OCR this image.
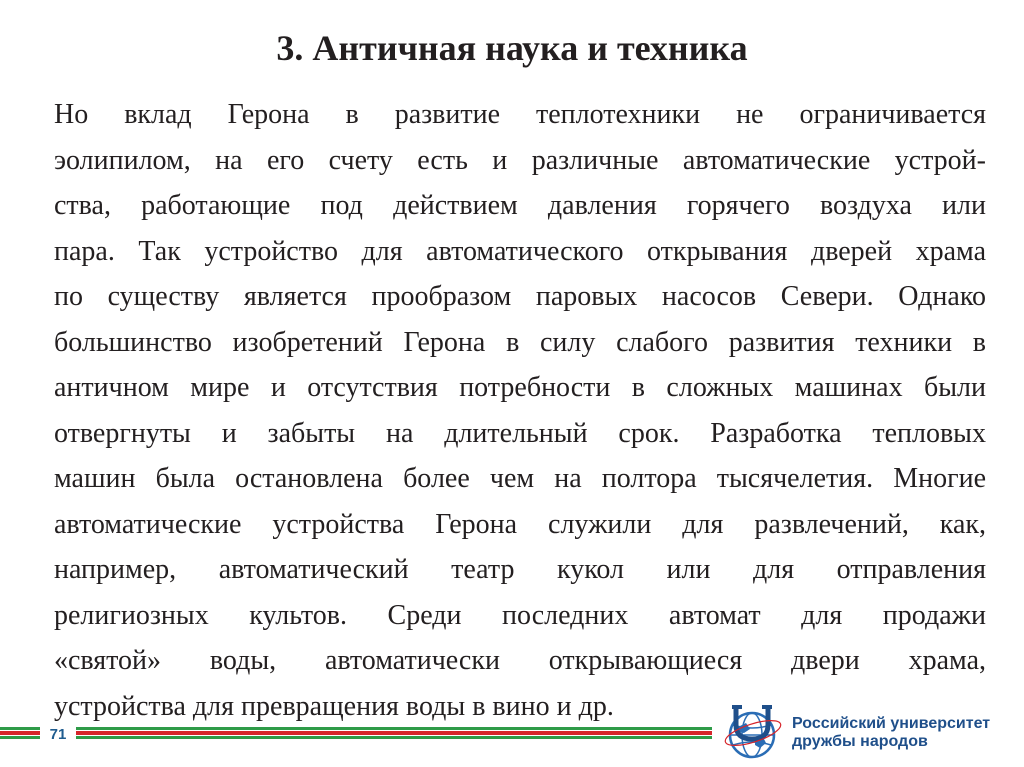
3. Античная наука и техника
Но вклад Герона в развитие теплотехники не ограничивается
эолипилом, на его счету есть и различные автоматические устрой-
ства, работающие под действием давления горячего воздуха или
пара. Так устройство для автоматического открывания дверей храма
по существу является прообразом паровых насосов Севери. Однако
большинство изобретений Герона в силу слабого развития техники в
античном мире и отсутствия потребности в сложных машинах были
отвергнуты и забыты на длительный срок. Разработка тепловых
машин была остановлена более чем на полтора тысячелетия. Многие
автоматические устройства Герона служили для развлечений, как,
например, автоматический театр кукол или для отправления
религиозных культов. Среди последних автомат для продажи
«святой» воды, автоматически открывающиеся двери храма,
устройства для превращения воды в вино и др.
71
Российский университет
дружбы народов
